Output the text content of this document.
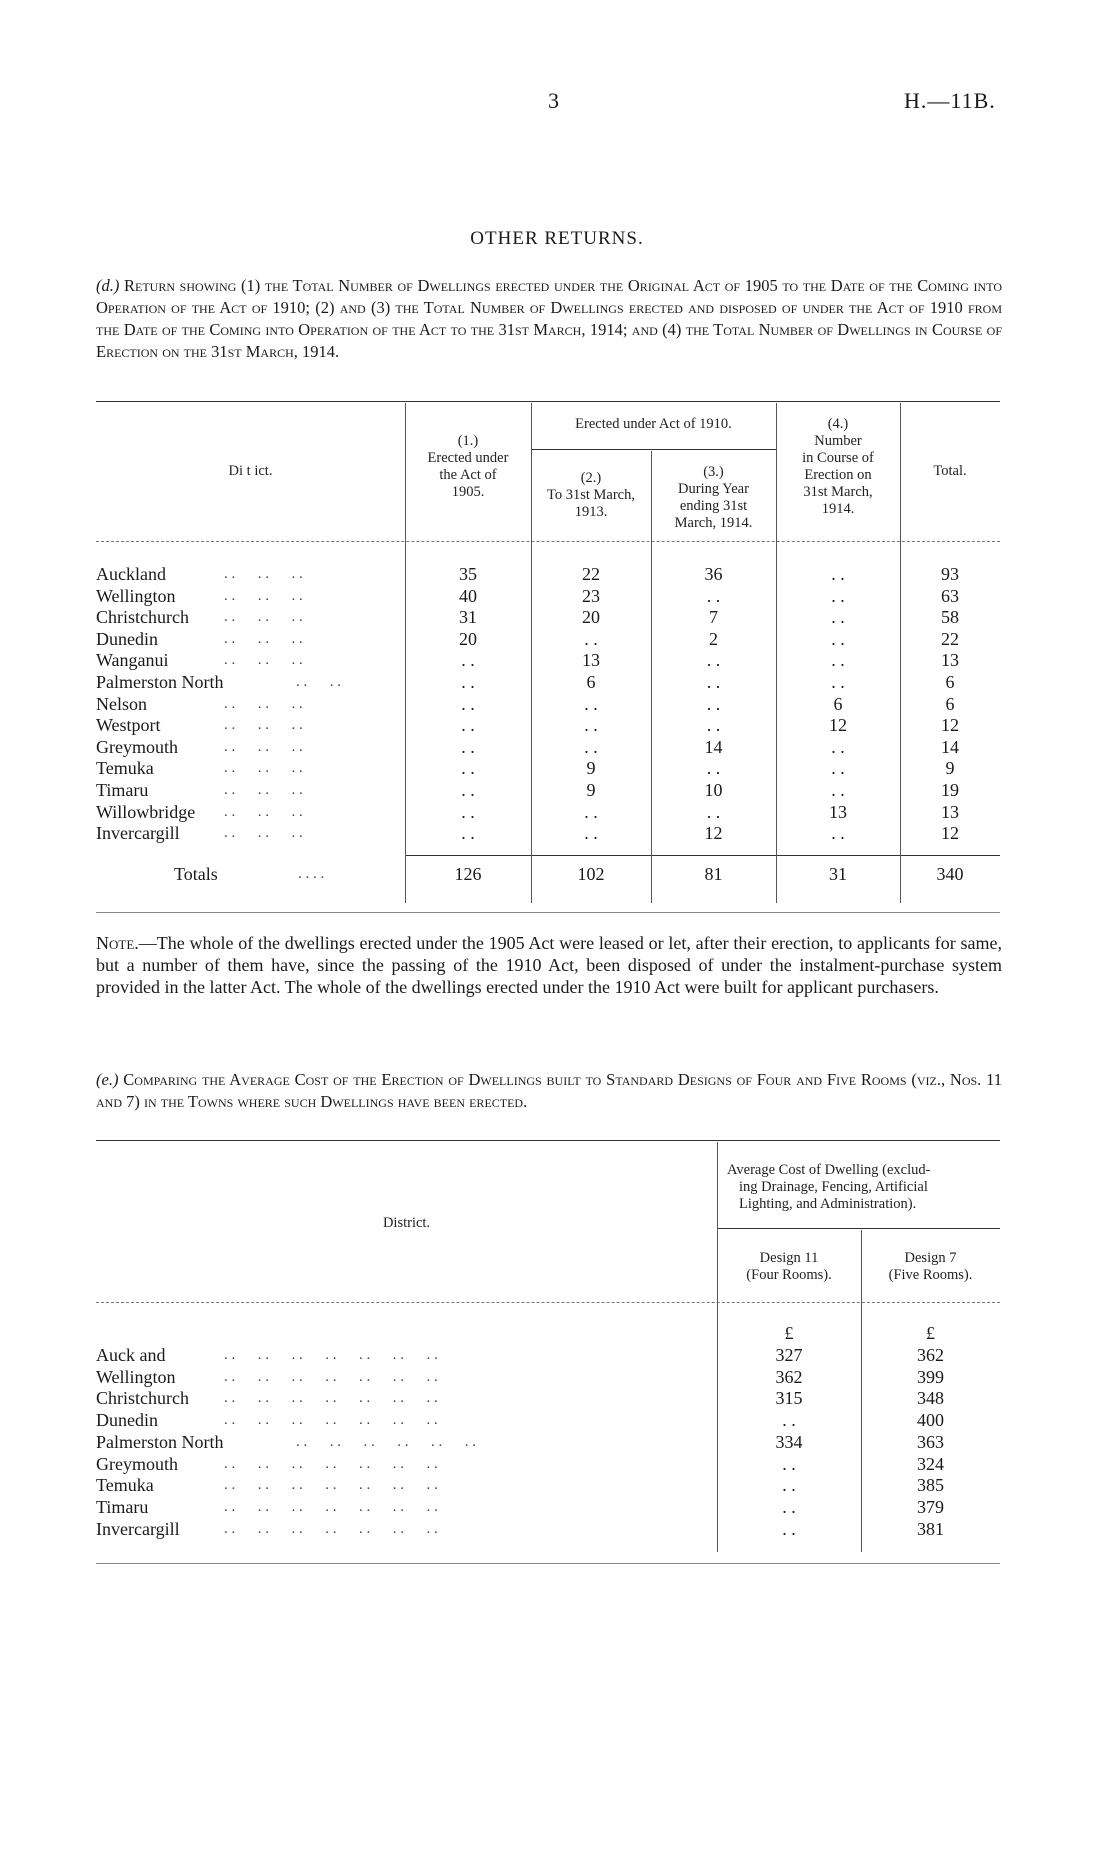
3	H.—11B.
OTHER RETURNS.
(d.) Return showing (1) the Total Number of Dwellings erected under the Original Act of 1905 to the Date of the Coming into Operation of the Act of 1910; (2) and (3) the Total Number of Dwellings erected and disposed of under the Act of 1910 from the Date of the Coming into Operation of the Act to the 31st March, 1914; and (4) the Total Number of Dwellings in Course of Erection on the 31st March, 1914.
Di t ict.
(1.)
Erected under
the Act of
1905.
Erected under Act of 1910.
(2.)
To 31st March,
1913.
(3.)
During Year
ending 31st
March, 1914.
(4.)
Number
in Course of
Erection on
31st March,
1914.
Total.
Auckland	. .      . .      . .	35	22	36	. .	93
Wellington	. .      . .      . .	40	23	. .	. .	63
Christchurch . .      . .      . .	31	20	7	. .	58
Dunedin	. .      . .      . .	20	. .	2	. .	22
Wanganui	. .      . .      . .	. .	13	. .	. .	13
Palmerston North	. .      . .	. .	6	. .	. .	6
Nelson	. .      . .      . .	. .	. .	. .	6	6
Westport	. .      . .      . .	. .	. .	. .	12	12
Greymouth	. .      . .      . .	. .	. .	14	. .	14
Temuka	. .      . .      . .	. .	9	. .	. .	9
Timaru	. .      . .      . .	. .	9	10	. .	19
Willowbridge . .      . .      . .	. .	. .	. .	13	13
Invercargill	. .      . .      . .	. .	. .	12	. .	12
Totals	. . . .	126	102	81	31	340
Note.—The whole of the dwellings erected under the 1905 Act were leased or let, after their erection, to applicants for same, but a number of them have, since the passing of the 1910 Act, been disposed of under the instalment-purchase system provided in the latter Act. The whole of the dwellings erected under the 1910 Act were built for applicant purchasers.
(e.) Comparing the Average Cost of the Erection of Dwellings built to Standard Designs of Four and Five Rooms (viz., Nos. 11 and 7) in the Towns where such Dwellings have been erected.
District.
Average Cost of Dwelling (exclud-
ing Drainage, Fencing, Artificial
Lighting, and Administration).
Design 11
(Four Rooms).
Design 7
(Five Rooms).
£	£
Auck and	. .      . .      . .      . .      . .      . .      . .	327	362
Wellington	. .      . .      . .      . .      . .      . .      . .	362	399
Christchurch . .      . .      . .      . .      . .      . .      . .	315	348
Dunedin	. .      . .      . .      . .      . .      . .      . .	. .	400
Palmerston North	. .      . .      . .      . .      . .      . .	334	363
Greymouth	. .      . .      . .      . .      . .      . .      . .	. .	324
Temuka	. .      . .      . .      . .      . .      . .      . .	. .	385
Timaru	. .      . .      . .      . .      . .      . .      . .	. .	379
Invercargill	. .      . .      . .      . .      . .      . .      . .	. .	381
